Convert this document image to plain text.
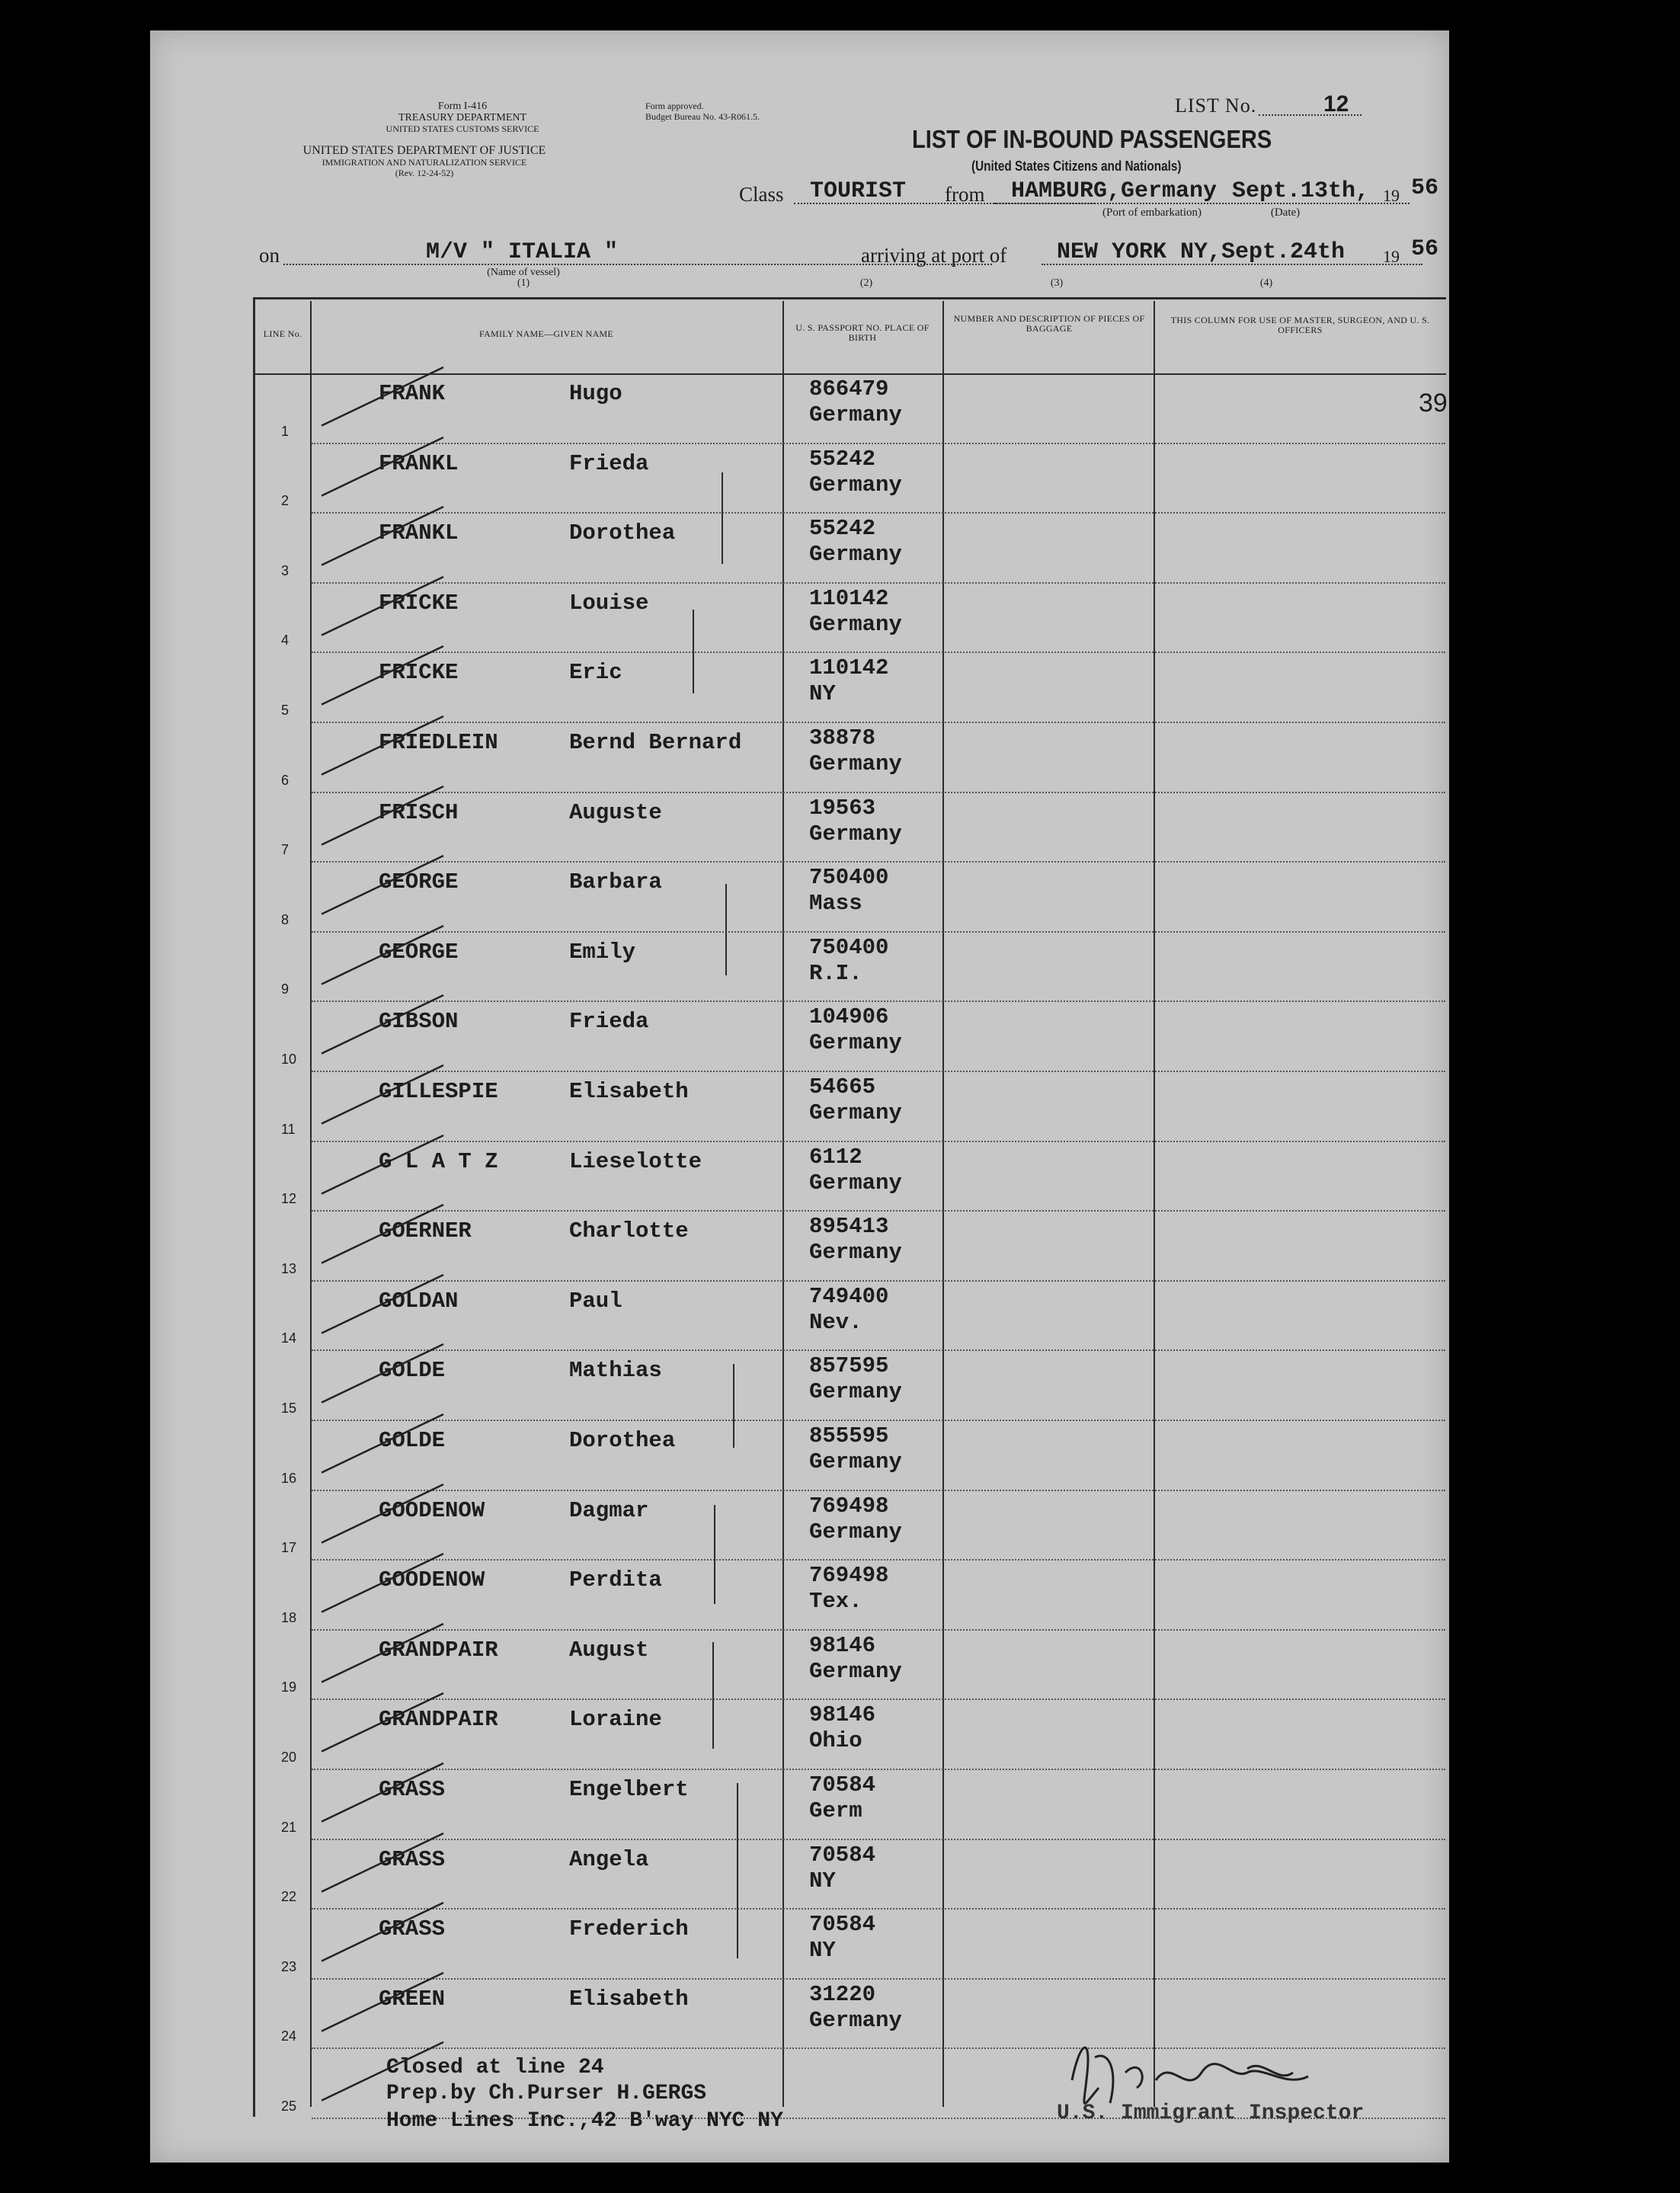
Form I-416
TREASURY DEPARTMENT
UNITED STATES CUSTOMS SERVICE
UNITED STATES DEPARTMENT OF JUSTICE
IMMIGRATION AND NATURALIZATION SERVICE
(Rev. 12-24-52)
Form approved.
Budget Bureau No. 43-R061.5.	LIST No.	12
LIST OF IN-BOUND PASSENGERS
(United States Citizens and Nationals)
Class TOURIST from HAMBURG,Germany Sept.13th, 19 56
(Port of embarkation)	(Date)
on	M/V " ITALIA "
(Name of vessel)
(1)
arriving at port of NEW YORK NY,Sept.24th 19 56
(2)	(3)	(4)
LINE No.	FAMILY NAME—GIVEN NAME
U. S. PASSPORT NO. PLACE OF BIRTH
NUMBER AND DESCRIPTION OF PIECES OF BAGGAGE
THIS COLUMN FOR USE OF MASTER, SURGEON, AND U. S. OFFICERS
39
1
FRANK	Hugo	866479
Germany
2
FRANKL	Frieda	55242
Germany
3
FRANKL	Dorothea	55242
Germany
4
FRICKE	Louise	110142
Germany
5
FRICKE	Eric	110142
NY
6
FRIEDLEIN	Bernd Bernard	38878
Germany
7
FRISCH	Auguste	19563
Germany
8
GEORGE	Barbara	750400
Mass
9
GEORGE	Emily	750400
R.I.
10
GIBSON	Frieda	104906
Germany
11
GILLESPIE	Elisabeth	54665
Germany
12
G L A T Z	Lieselotte	6112
Germany
13
GOERNER	Charlotte	895413
Germany
14
GOLDAN	Paul	749400
Nev.
15
GOLDE	Mathias	857595
Germany
16
GOLDE	Dorothea	855595
Germany
17
GOODENOW	Dagmar	769498
Germany
18
GOODENOW	Perdita	769498
Tex.
19
GRANDPAIR	August	98146
Germany
20
GRANDPAIR	Loraine	98146
Ohio
21
GRASS	Engelbert	70584
Germ
22
GRASS	Angela	70584
NY
23
GRASS	Frederich	70584
NY
24
GREEN	Elisabeth	31220
Germany
25
Closed at line 24
Prep.by Ch.Purser H.GERGS
Home Lines Inc.,42 B'way NYC NY	U.S. Immigrant Inspector
